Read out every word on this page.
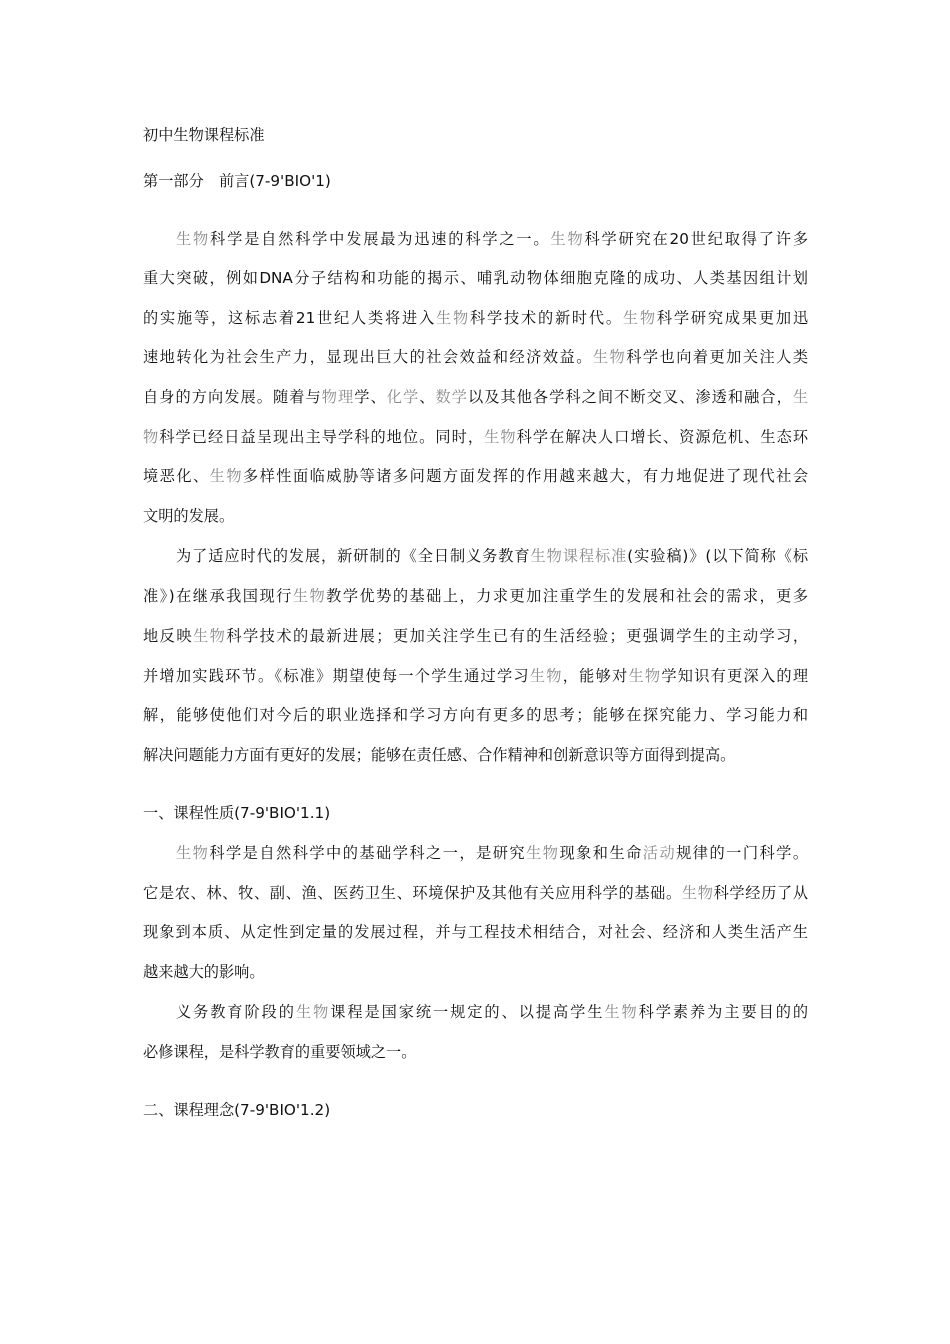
初中生物课程标准
第一部分　前言(7-9'BIO'1)
生物科学是自然科学中发展最为迅速的科学之一。生物科学研究在20世纪取得了许多
重大突破，例如DNA分子结构和功能的揭示、哺乳动物体细胞克隆的成功、人类基因组计划
的实施等，这标志着21世纪人类将进入生物科学技术的新时代。生物科学研究成果更加迅
速地转化为社会生产力，显现出巨大的社会效益和经济效益。生物科学也向着更加关注人类
自身的方向发展。随着与物理学、化学、数学以及其他各学科之间不断交叉、渗透和融合，生
物科学已经日益呈现出主导学科的地位。同时，生物科学在解决人口增长、资源危机、生态环
境恶化、生物多样性面临威胁等诸多问题方面发挥的作用越来越大，有力地促进了现代社会
文明的发展。
为了适应时代的发展，新研制的《全日制义务教育生物课程标准(实验稿)》(以下简称《标
准》)在继承我国现行生物教学优势的基础上，力求更加注重学生的发展和社会的需求，更多
地反映生物科学技术的最新进展；更加关注学生已有的生活经验；更强调学生的主动学习，
并增加实践环节。《标准》期望使每一个学生通过学习生物，能够对生物学知识有更深入的理
解，能够使他们对今后的职业选择和学习方向有更多的思考；能够在探究能力、学习能力和
解决问题能力方面有更好的发展；能够在责任感、合作精神和创新意识等方面得到提高。
一、课程性质(7-9'BIO'1.1)
生物科学是自然科学中的基础学科之一，是研究生物现象和生命活动规律的一门科学。
它是农、林、牧、副、渔、医药卫生、环境保护及其他有关应用科学的基础。生物科学经历了从
现象到本质、从定性到定量的发展过程，并与工程技术相结合，对社会、经济和人类生活产生
越来越大的影响。
义务教育阶段的生物课程是国家统一规定的、以提高学生生物科学素养为主要目的的
必修课程，是科学教育的重要领域之一。
二、课程理念(7-9'BIO'1.2)
